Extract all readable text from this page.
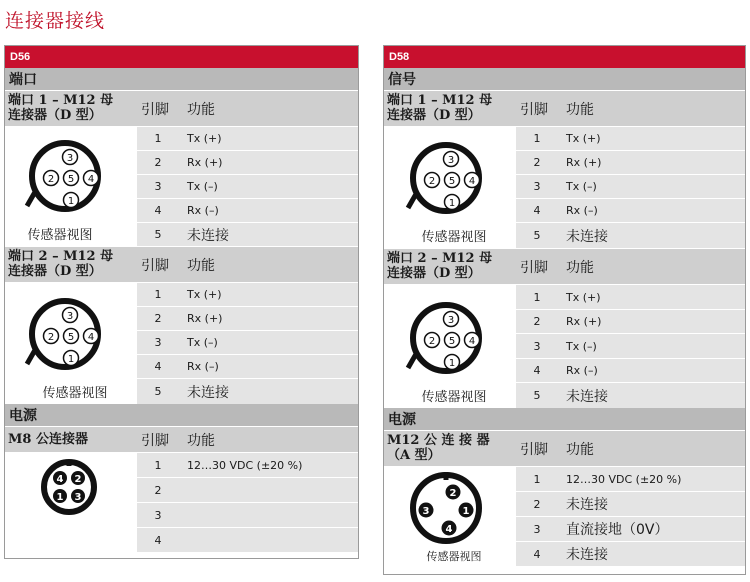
连接器接线
D56
端口
端口 1 – M12 母
连接器（D 型）	引脚	功能
3
2 5 4
1
传感器视图
1	Tx (+)
2	Rx (+)
3	Tx (–)
4	Rx (–)
5	未连接
端口 2 – M12 母
连接器（D 型）	引脚	功能
3
2 5 4
1
传感器视图
1	Tx (+)
2	Rx (+)
3	Tx (–)
4	Rx (–)
5	未连接
电源
M8 公连接器	引脚	功能
4 2
1 3
1	12…30 VDC (±20 %)
2
3
4
D58
信号
端口 1 – M12 母
连接器（D 型）	引脚	功能
3
2 5 4
1
传感器视图
1	Tx (+)
2	Rx (+)
3	Tx (–)
4	Rx (–)
5	未连接
端口 2 – M12 母
连接器（D 型）	引脚	功能
3
2 5 4
1
传感器视图
1	Tx (+)
2	Rx (+)
3	Tx (–)
4	Rx (–)
5	未连接
电源
M12 公 连 接 器
（A 型）	引脚	功能
2
3	1
4
传感器视图
1	12…30 VDC (±20 %)
2	未连接
3	直流接地（0V）
4	未连接
